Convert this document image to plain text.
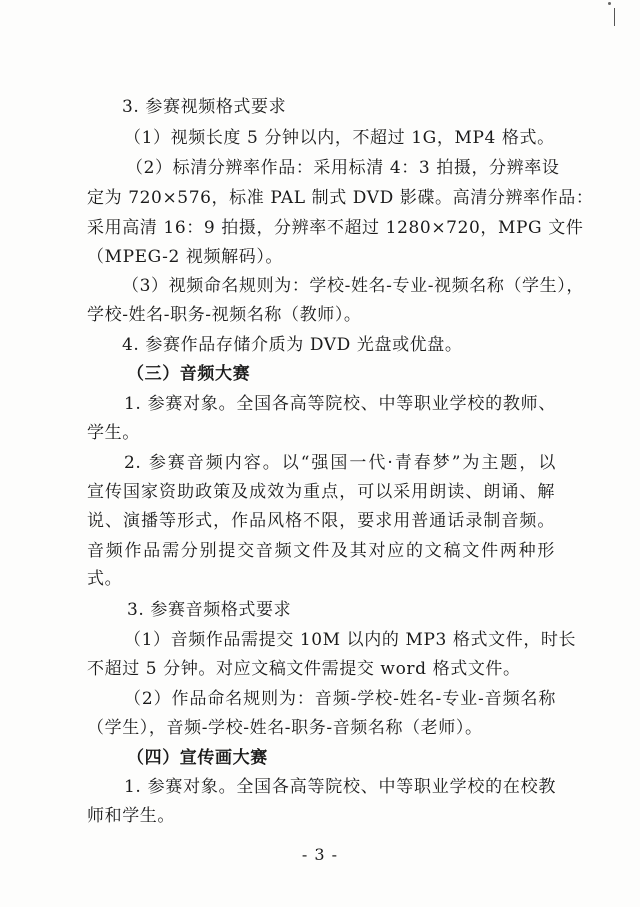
3. 参赛视频格式要求
（1）视频长度 5 分钟以内，不超过 1G，MP4 格式。
（2）标清分辨率作品：采用标清 4：3 拍摄，分辨率设
定为 720×576，标准 PAL 制式 DVD 影碟。高清分辨率作品：
采用高清 16：9 拍摄，分辨率不超过 1280×720，MPG 文件
（MPEG-2 视频解码）。
（3）视频命名规则为：学校-姓名-专业-视频名称（学生），
学校-姓名-职务-视频名称（教师）。
4. 参赛作品存储介质为 DVD 光盘或优盘。
（三）音频大赛
1. 参赛对象。全国各高等院校、中等职业学校的教师、
学生。
2. 参赛音频内容。以“强国一代·青春梦”为主题，以
宣传国家资助政策及成效为重点，可以采用朗读、朗诵、解
说、演播等形式，作品风格不限，要求用普通话录制音频。
音频作品需分别提交音频文件及其对应的文稿文件两种形
式。
3. 参赛音频格式要求
（1）音频作品需提交 10M 以内的 MP3 格式文件，时长
不超过 5 分钟。对应文稿文件需提交 word 格式文件。
（2）作品命名规则为：音频-学校-姓名-专业-音频名称
（学生），音频-学校-姓名-职务-音频名称（老师）。
（四）宣传画大赛
1. 参赛对象。全国各高等院校、中等职业学校的在校教
师和学生。
- 3 -
